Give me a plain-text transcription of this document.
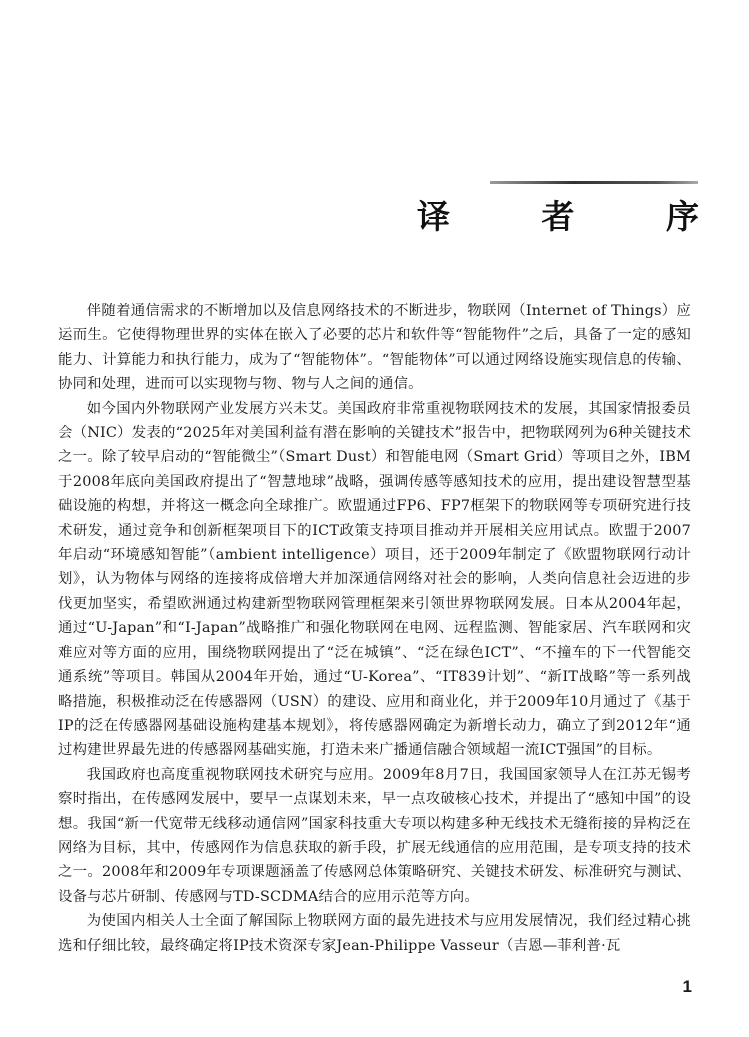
译 者 序

伴随着通信需求的不断增加以及信息网络技术的不断进步，物联网（Internet of Things）应运而生。它使得物理世界的实体在嵌入了必要的芯片和软件等“智能物件”之后，具备了一定的感知能力、计算能力和执行能力，成为了“智能物体”。“智能物体”可以通过网络设施实现信息的传输、协同和处理，进而可以实现物与物、物与人之间的通信。

如今国内外物联网产业发展方兴未艾。美国政府非常重视物联网技术的发展，其国家情报委员会（NIC）发表的“2025年对美国利益有潜在影响的关键技术”报告中，把物联网列为6种关键技术之一。除了较早启动的“智能微尘”（Smart Dust）和智能电网（Smart Grid）等项目之外，IBM于2008年底向美国政府提出了“智慧地球”战略，强调传感等感知技术的应用，提出建设智慧型基础设施的构想，并将这一概念向全球推广。欧盟通过FP6、FP7框架下的物联网等专项研究进行技术研发，通过竞争和创新框架项目下的ICT政策支持项目推动并开展相关应用试点。欧盟于2007年启动“环境感知智能”（ambient intelligence）项目，还于2009年制定了《欧盟物联网行动计划》，认为物体与网络的连接将成倍增大并加深通信网络对社会的影响，人类向信息社会迈进的步伐更加坚实，希望欧洲通过构建新型物联网管理框架来引领世界物联网发展。日本从2004年起，通过“U-Japan”和“I-Japan”战略推广和强化物联网在电网、远程监测、智能家居、汽车联网和灾难应对等方面的应用，围绕物联网提出了“泛在城镇”、“泛在绿色ICT”、“不撞车的下一代智能交通系统”等项目。韩国从2004年开始，通过“U-Korea”、“IT839计划”、“新IT战略”等一系列战略措施，积极推动泛在传感器网（USN）的建设、应用和商业化，并于2009年10月通过了《基于IP的泛在传感器网基础设施构建基本规划》，将传感器网确定为新增长动力，确立了到2012年“通过构建世界最先进的传感器网基础实施，打造未来广播通信融合领域超一流ICT强国”的目标。

我国政府也高度重视物联网技术研究与应用。2009年8月7日，我国国家领导人在江苏无锡考察时指出，在传感网发展中，要早一点谋划未来，早一点攻破核心技术，并提出了“感知中国”的设想。我国“新一代宽带无线移动通信网”国家科技重大专项以构建多种无线技术无缝衔接的异构泛在网络为目标，其中，传感网作为信息获取的新手段，扩展无线通信的应用范围，是专项支持的技术之一。2008年和2009年专项课题涵盖了传感网总体策略研究、关键技术研发、标准研究与测试、设备与芯片研制、传感网与TD-SCDMA结合的应用示范等方向。

为使国内相关人士全面了解国际上物联网方面的最先进技术与应用发展情况，我们经过精心挑选和仔细比较，最终确定将IP技术资深专家Jean-Philippe Vasseur（吉恩—菲利普·瓦

1
